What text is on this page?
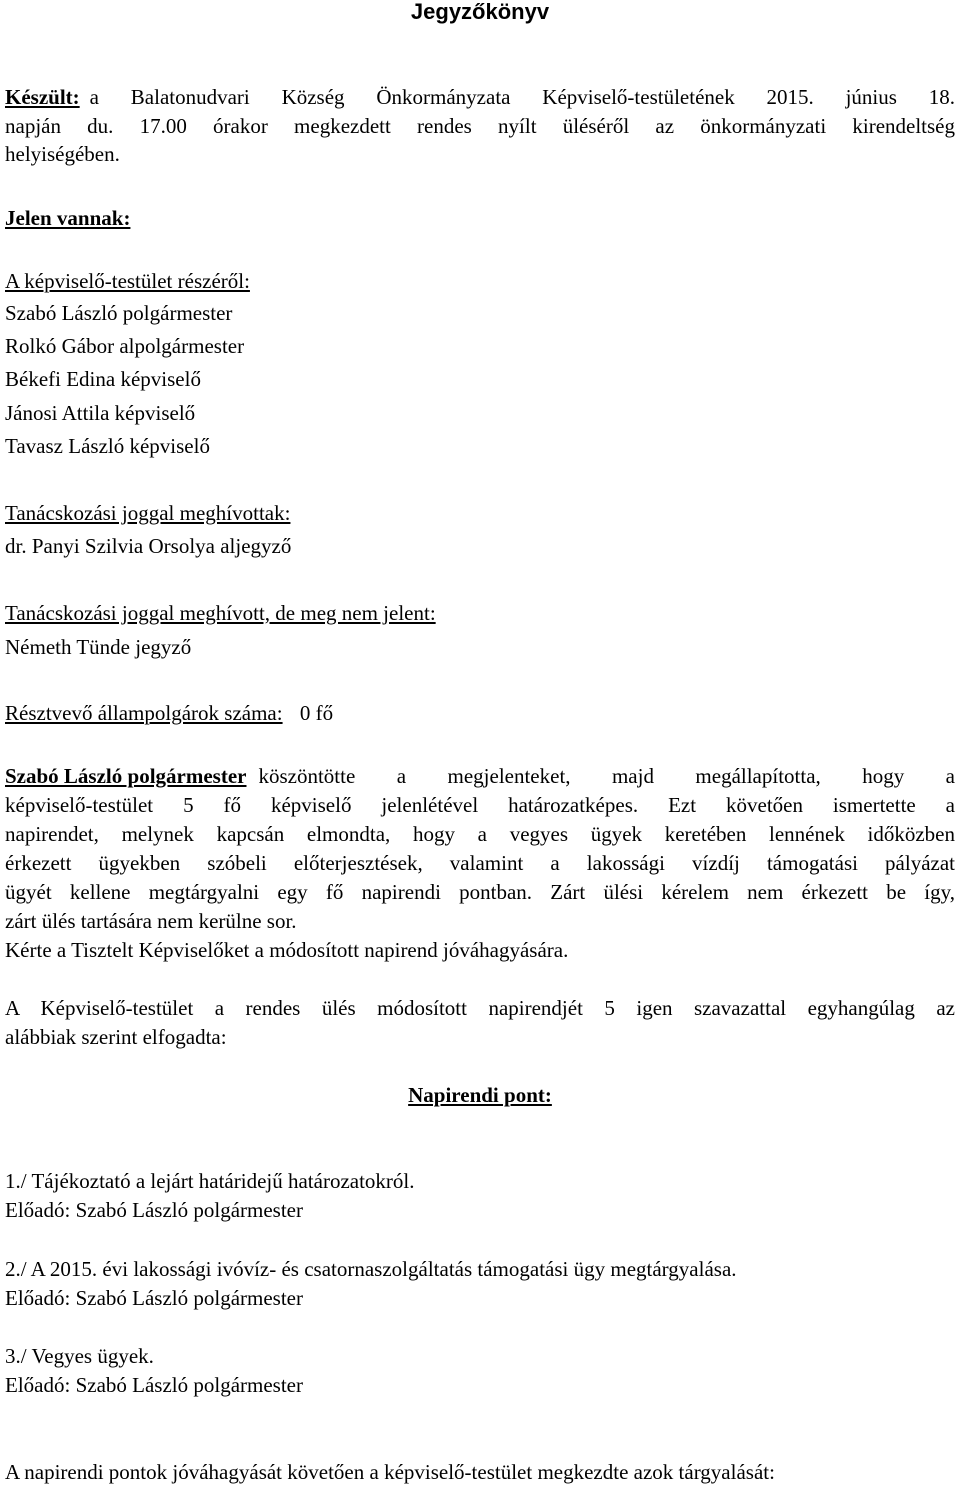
Jegyzőkönyv
Készült: a Balatonudvari Község Önkormányzata Képviselő-testületének 2015. június 18.
napján du. 17.00 órakor megkezdett rendes nyílt üléséről az önkormányzati kirendeltség
helyiségében.
Jelen vannak:
A képviselő-testület részéről:
Szabó László polgármester
Rolkó Gábor alpolgármester
Békefi Edina képviselő
Jánosi Attila képviselő
Tavasz László képviselő
Tanácskozási joggal meghívottak:
dr. Panyi Szilvia Orsolya aljegyző
Tanácskozási joggal meghívott, de meg nem jelent:
Németh Tünde jegyző
Résztvevő állampolgárok száma: 0 fő
Szabó László polgármester köszöntötte a megjelenteket, majd megállapította, hogy a
képviselő-testület 5 fő képviselő jelenlétével határozatképes. Ezt követően ismertette a
napirendet, melynek kapcsán elmondta, hogy a vegyes ügyek keretében lennének időközben
érkezett ügyekben szóbeli előterjesztések, valamint a lakossági vízdíj támogatási pályázat
ügyét kellene megtárgyalni egy fő napirendi pontban. Zárt ülési kérelem nem érkezett be így,
zárt ülés tartására nem kerülne sor.
Kérte a Tisztelt Képviselőket a módosított napirend jóváhagyására.
A Képviselő-testület a rendes ülés módosított napirendjét 5 igen szavazattal egyhangúlag az
alábbiak szerint elfogadta:
Napirendi pont:
1./ Tájékoztató a lejárt határidejű határozatokról.
Előadó: Szabó László polgármester
2./ A 2015. évi lakossági ivóvíz- és csatornaszolgáltatás támogatási ügy megtárgyalása.
Előadó: Szabó László polgármester
3./ Vegyes ügyek.
Előadó: Szabó László polgármester
A napirendi pontok jóváhagyását követően a képviselő-testület megkezdte azok tárgyalását:
